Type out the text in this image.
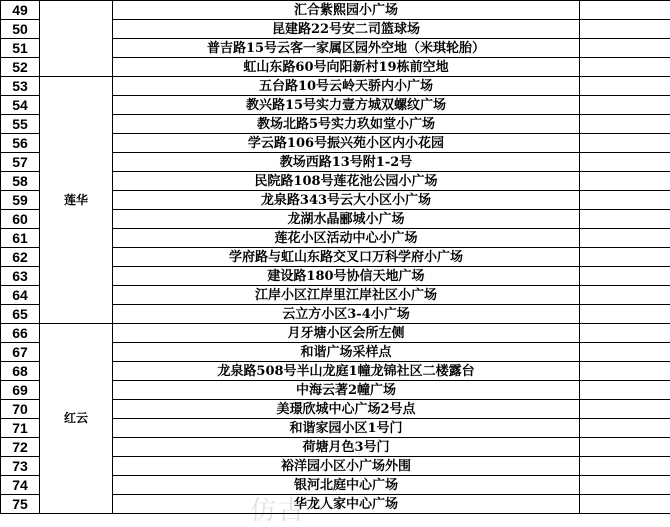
49		汇合紫熙园小广场	
50		昆建路22号安二司篮球场	
51		普吉路15号云客一家属区园外空地（米琪轮胎）	
52		虹山东路60号向阳新村19栋前空地	
53	莲华	五台路10号云岭天骄内小广场	
54		教兴路15号实力壹方城双螺纹广场	
55		教场北路5号实力玖如堂小广场	
56		学云路106号振兴苑小区内小花园	
57		教场西路13号附1-2号	
58		民院路108号莲花池公园小广场	
59		龙泉路343号云大小区小广场	
60		龙湖水晶郦城小广场	
61		莲花小区活动中心小广场	
62		学府路与虹山东路交叉口万科学府小广场	
63		建设路180号协信天地广场	
64		江岸小区江岸里江岸社区小广场	
65		云立方小区3-4小广场	
66	红云	月牙塘小区会所左侧	
67		和谐广场采样点	
68		龙泉路508号半山龙庭1幢龙锦社区二楼露台	
69		中海云著2幢广场	
70		美璟欣城中心广场2号点	
71		和谐家园小区1号门	
72		荷塘月色3号门	
73		裕洋园小区小广场外围	
74		银河北庭中心广场	
75		华龙人家中心广场	
仿古
